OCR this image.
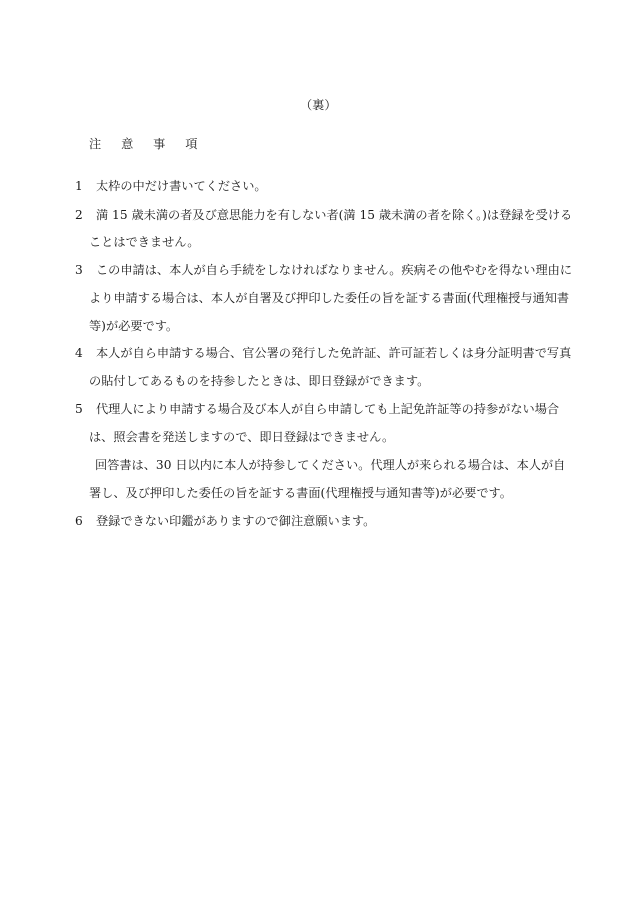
（裏）
注 意 事 項
1 太枠の中だけ書いてください。
2 満 15 歳未満の者及び意思能力を有しない者(満 15 歳未満の者を除く。)は登録を受ける
ことはできません。
3 この申請は、本人が自ら手続をしなければなりません。疾病その他やむを得ない理由に
より申請する場合は、本人が自署及び押印した委任の旨を証する書面(代理権授与通知書
等)が必要です。
4 本人が自ら申請する場合、官公署の発行した免許証、許可証若しくは身分証明書で写真
の貼付してあるものを持参したときは、即日登録ができます。
5 代理人により申請する場合及び本人が自ら申請しても上記免許証等の持参がない場合
は、照会書を発送しますので、即日登録はできません。
回答書は、30 日以内に本人が持参してください。代理人が来られる場合は、本人が自
署し、及び押印した委任の旨を証する書面(代理権授与通知書等)が必要です。
6 登録できない印鑑がありますので御注意願います。
